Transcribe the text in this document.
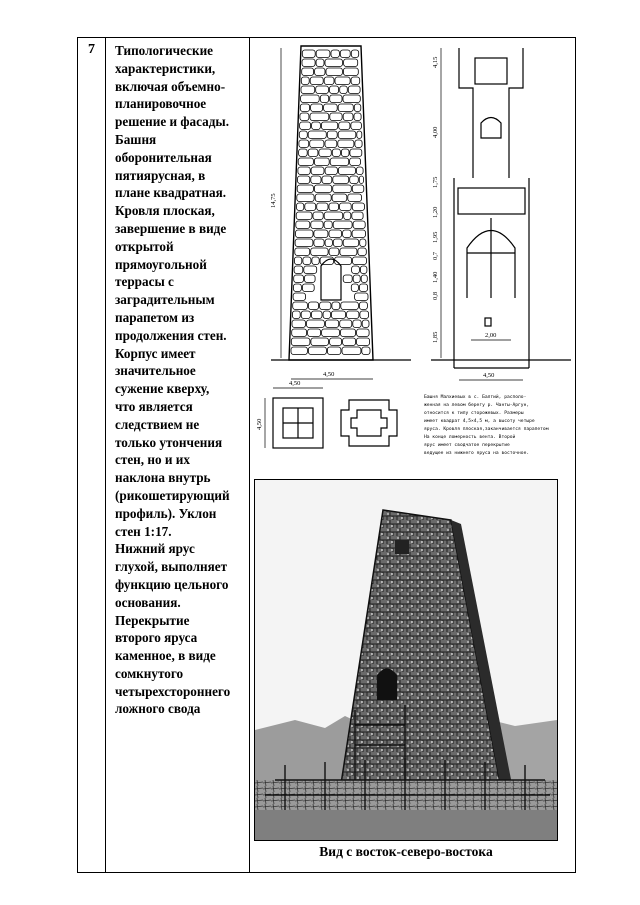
7 Типологические

характеристики,

включая объемно-

планировочное

решение и фасады.

Башня

оборонительная

пятиярусная, в

плане квадратная.

Кровля плоская,

завершение в виде

открытой

прямоугольной

террасы с

заградительным

парапетом из

продолжения стен.

Корпус имеет

значительное

сужение кверху,

что является

следствием не

только утончения

стен, но и их

наклона внутрь

(рикошетирующий

профиль). Уклон

стен 1:17.

Нижний ярус

глухой, выполняет

функцию цельного

основания.

Перекрытие

второго яруса

каменное, в виде

сомкнутого

четырехстороннего

ложного свода

14,75
4,50	4,50
2,00
4,50
4,50
4,15
4,00
1,75
1,20
1,95
0,7
1,40
0,8
1,85
Башня Малхиевых в с. Балтий, располо-
женная на левом берегу р. Чанты-Аргун,
относится к типу сторожевых. Размеры
имеет квадрат 4,5×4,5 м, а высоту четыре
яруса. Кровля плоская,заканчивается парапетом
На конце ломерность вента. Второй
ярус имеет сводчатое перекрытие
ведущее из нижнего яруса на восточное.
Вид с восток-северо-востока
